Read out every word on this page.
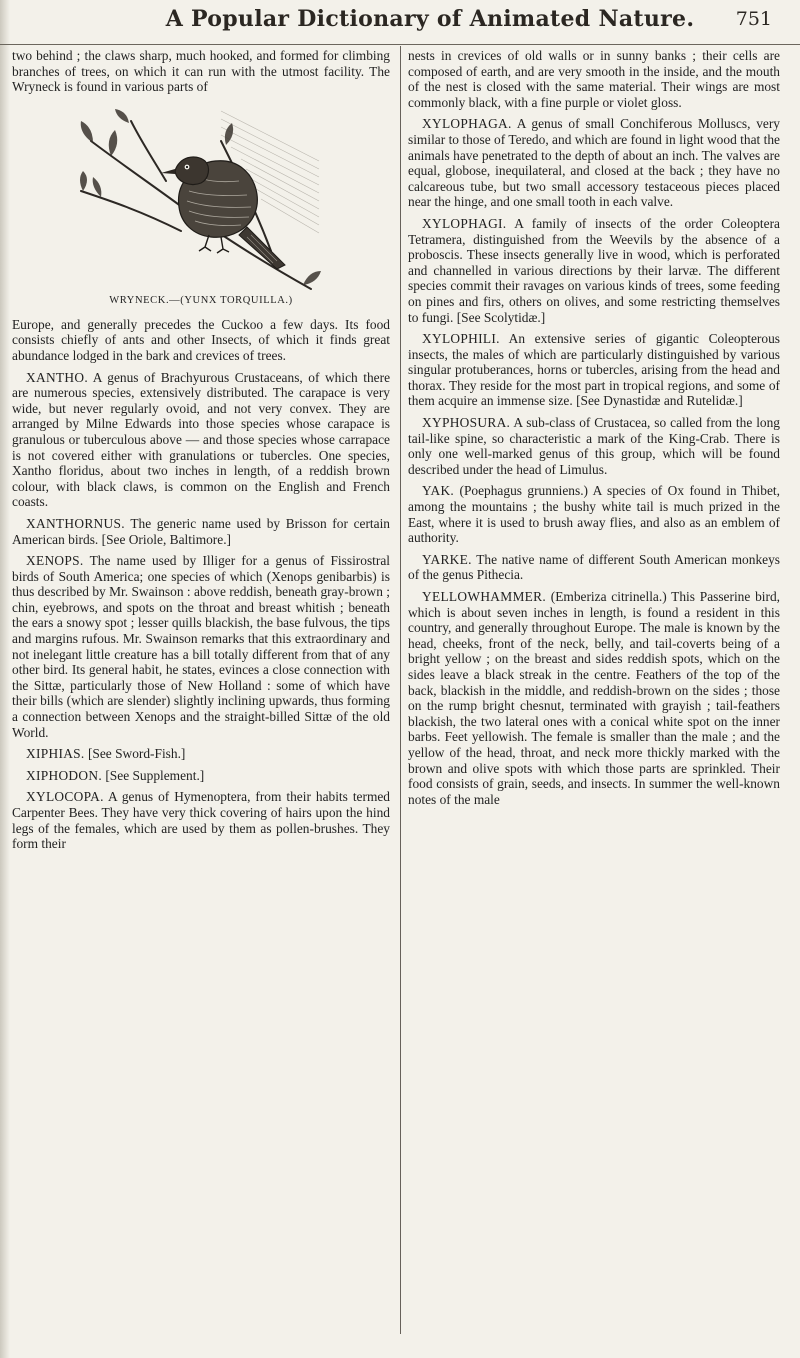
A Popular Dictionary of Animated Nature.	751

two behind ; the claws sharp, much hooked, and formed for climbing branches of trees, on which it can run with the utmost facility. The Wryneck is found in various parts of

WRYNECK.—(YUNX TORQUILLA.)

Europe, and generally precedes the Cuckoo a few days. Its food consists chiefly of ants and other Insects, of which it finds great abundance lodged in the bark and crevices of trees.

XANTHO. A genus of Brachyurous Crustaceans, of which there are numerous species, extensively distributed. The carapace is very wide, but never regularly ovoid, and not very convex. They are arranged by Milne Edwards into those species whose carapace is granulous or tuberculous above — and those species whose carrapace is not covered either with granulations or tubercles. One species, Xantho floridus, about two inches in length, of a reddish brown colour, with black claws, is common on the English and French coasts.

XANTHORNUS. The generic name used by Brisson for certain American birds. [See Oriole, Baltimore.]

XENOPS. The name used by Illiger for a genus of Fissirostral birds of South America; one species of which (Xenops genibarbis) is thus described by Mr. Swainson : above reddish, beneath gray-brown ; chin, eyebrows, and spots on the throat and breast whitish ; beneath the ears a snowy spot ; lesser quills blackish, the base fulvous, the tips and margins rufous. Mr. Swainson remarks that this extraordinary and not inelegant little creature has a bill totally different from that of any other bird. Its general habit, he states, evinces a close connection with the Sittæ, particularly those of New Holland : some of which have their bills (which are slender) slightly inclining upwards, thus forming a connection between Xenops and the straight-billed Sittæ of the old World.

XIPHIAS. [See Sword-Fish.]

XIPHODON. [See Supplement.]

XYLOCOPA. A genus of Hymenoptera, from their habits termed Carpenter Bees. They have very thick covering of hairs upon the hind legs of the females, which are used by them as pollen-brushes. They form their

nests in crevices of old walls or in sunny banks ; their cells are composed of earth, and are very smooth in the inside, and the mouth of the nest is closed with the same material. Their wings are most commonly black, with a fine purple or violet gloss.

XYLOPHAGA. A genus of small Conchiferous Molluscs, very similar to those of Teredo, and which are found in light wood that the animals have penetrated to the depth of about an inch. The valves are equal, globose, inequilateral, and closed at the back ; they have no calcareous tube, but two small accessory testaceous pieces placed near the hinge, and one small tooth in each valve.

XYLOPHAGI. A family of insects of the order Coleoptera Tetramera, distinguished from the Weevils by the absence of a proboscis. These insects generally live in wood, which is perforated and channelled in various directions by their larvæ. The different species commit their ravages on various kinds of trees, some feeding on pines and firs, others on olives, and some restricting themselves to fungi. [See Scolytidæ.]

XYLOPHILI. An extensive series of gigantic Coleopterous insects, the males of which are particularly distinguished by various singular protuberances, horns or tubercles, arising from the head and thorax. They reside for the most part in tropical regions, and some of them acquire an immense size. [See Dynastidæ and Rutelidæ.]

XYPHOSURA. A sub-class of Crustacea, so called from the long tail-like spine, so characteristic a mark of the King-Crab. There is only one well-marked genus of this group, which will be found described under the head of Limulus.

YAK. (Poephagus grunniens.) A species of Ox found in Thibet, among the mountains ; the bushy white tail is much prized in the East, where it is used to brush away flies, and also as an emblem of authority.

YARKE. The native name of different South American monkeys of the genus Pithecia.

YELLOWHAMMER. (Emberiza citrinella.) This Passerine bird, which is about seven inches in length, is found a resident in this country, and generally throughout Europe. The male is known by the head, cheeks, front of the neck, belly, and tail-coverts being of a bright yellow ; on the breast and sides reddish spots, which on the sides leave a black streak in the centre. Feathers of the top of the back, blackish in the middle, and reddish-brown on the sides ; those on the rump bright chesnut, terminated with grayish ; tail-feathers blackish, the two lateral ones with a conical white spot on the inner barbs. Feet yellowish. The female is smaller than the male ; and the yellow of the head, throat, and neck more thickly marked with the brown and olive spots with which those parts are sprinkled. Their food consists of grain, seeds, and insects. In summer the well-known notes of the male
